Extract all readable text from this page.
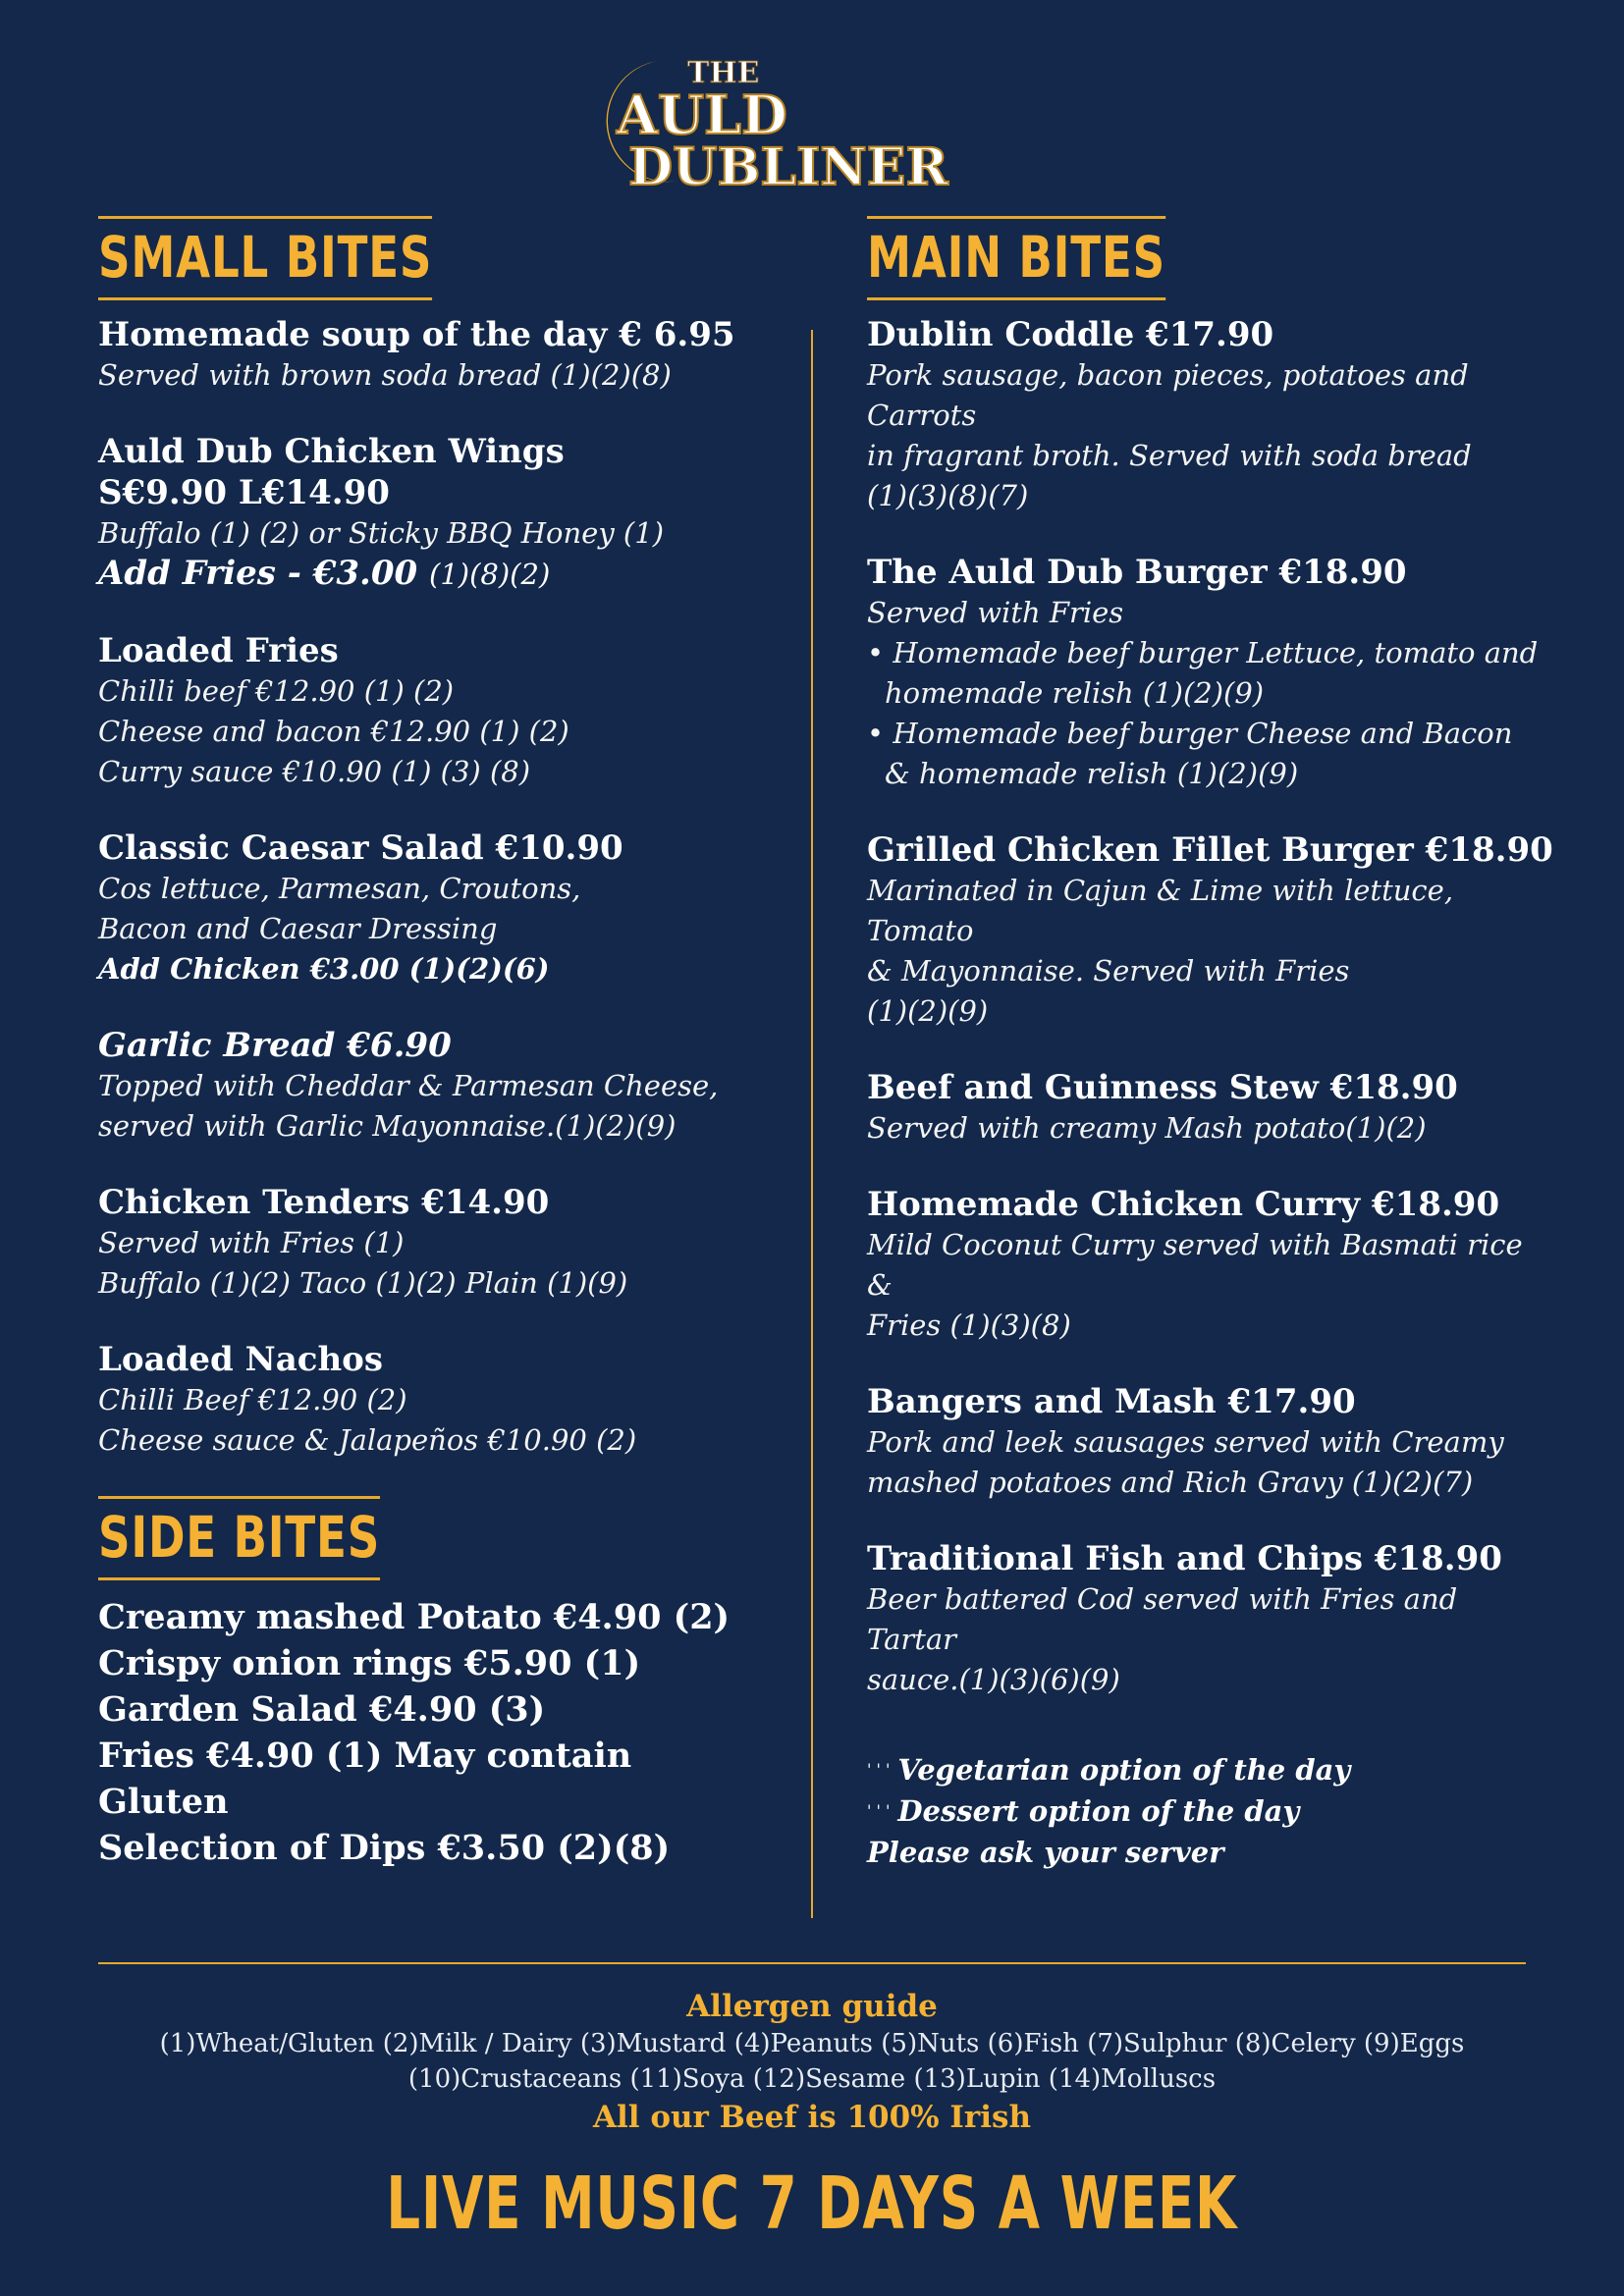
THE
AULD
DUBLINER
SMALL BITES
Homemade soup of the day € 6.95
Served with brown soda bread (1)(2)(8)
Auld Dub Chicken Wings
S€9.90 L€14.90
Buffalo (1) (2) or Sticky BBQ Honey (1)
Add Fries - €3.00 (1)(8)(2)
Loaded Fries
Chilli beef €12.90 (1) (2)
Cheese and bacon €12.90 (1) (2)
Curry sauce €10.90 (1) (3) (8)
Classic Caesar Salad €10.90
Cos lettuce, Parmesan, Croutons,
Bacon and Caesar Dressing
Add Chicken €3.00 (1)(2)(6)
Garlic Bread €6.90
Topped with Cheddar & Parmesan Cheese,
served with Garlic Mayonnaise.(1)(2)(9)
Chicken Tenders €14.90
Served with Fries (1)
Buffalo (1)(2) Taco (1)(2) Plain (1)(9)
Loaded Nachos
Chilli Beef €12.90 (2)
Cheese sauce & Jalapeños €10.90 (2)
SIDE BITES
Creamy mashed Potato €4.90 (2)
Crispy onion rings €5.90 (1)
Garden Salad €4.90 (3)
Fries €4.90 (1) May contain Gluten
Selection of Dips €3.50 (2)(8)
MAIN BITES
Dublin Coddle €17.90
Pork sausage, bacon pieces, potatoes and Carrots
in fragrant broth. Served with soda bread
(1)(3)(8)(7)
The Auld Dub Burger €18.90
Served with Fries
• Homemade beef burger Lettuce, tomato and
homemade relish (1)(2)(9)
• Homemade beef burger Cheese and Bacon
& homemade relish (1)(2)(9)
Grilled Chicken Fillet Burger €18.90
Marinated in Cajun & Lime with lettuce, Tomato
& Mayonnaise. Served with Fries
(1)(2)(9)
Beef and Guinness Stew €18.90
Served with creamy Mash potato(1)(2)
Homemade Chicken Curry €18.90
Mild Coconut Curry served with Basmati rice &
Fries (1)(3)(8)
Bangers and Mash €17.90
Pork and leek sausages served with Creamy
mashed potatoes and Rich Gravy (1)(2)(7)
Traditional Fish and Chips €18.90
Beer battered Cod served with Fries and Tartar
sauce.(1)(3)(6)(9)
' ' ' Vegetarian option of the day
' ' ' Dessert option of the day
Please ask your server
Allergen guide
(1)Wheat/Gluten (2)Milk / Dairy (3)Mustard (4)Peanuts (5)Nuts (6)Fish (7)Sulphur (8)Celery (9)Eggs
(10)Crustaceans (11)Soya (12)Sesame (13)Lupin (14)Molluscs
All our Beef is 100% Irish
LIVE MUSIC 7 DAYS A WEEK
